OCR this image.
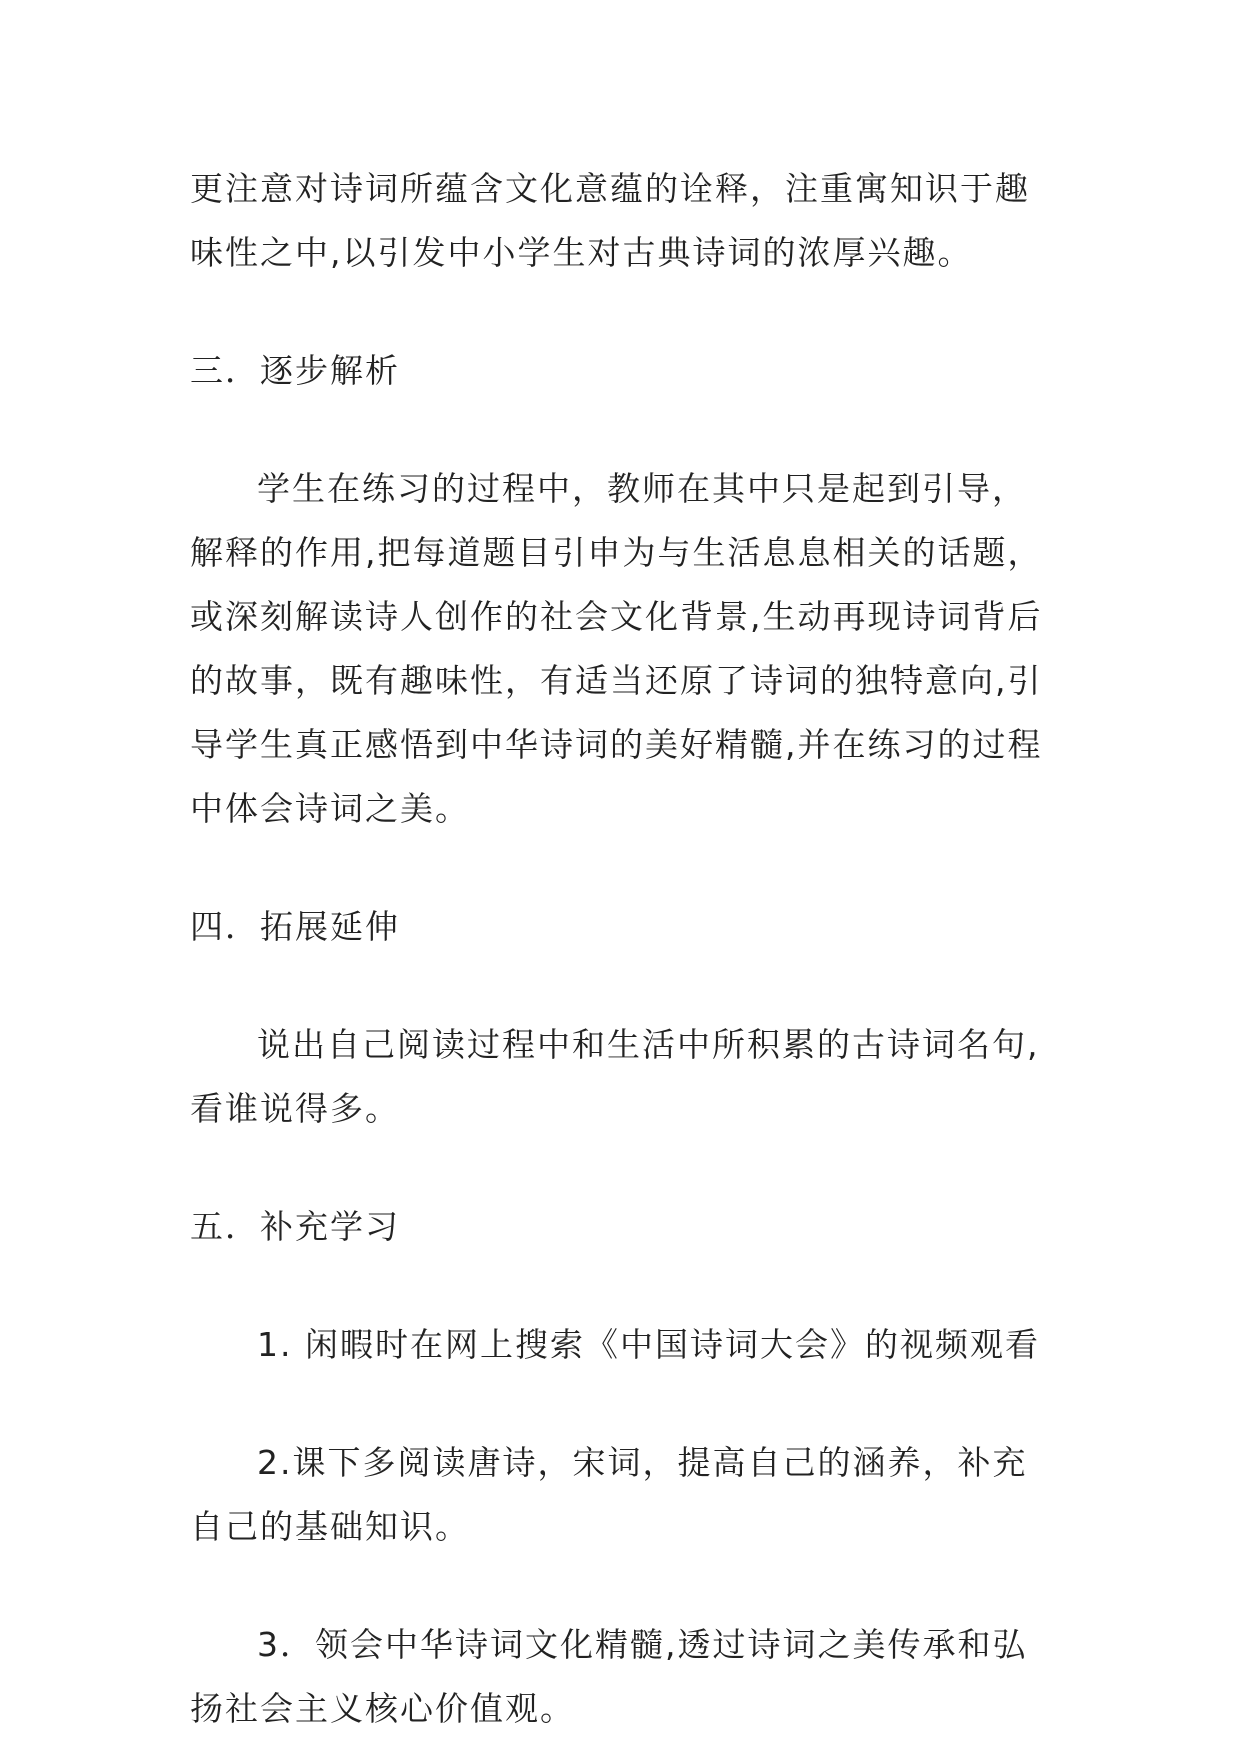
更注意对诗词所蕴含文化意蕴的诠释，注重寓知识于趣味性之中,以引发中小学生对古典诗词的浓厚兴趣。

三．逐步解析

学生在练习的过程中，教师在其中只是起到引导，解释的作用,把每道题目引申为与生活息息相关的话题，或深刻解读诗人创作的社会文化背景,生动再现诗词背后的故事，既有趣味性，有适当还原了诗词的独特意向,引导学生真正感悟到中华诗词的美好精髓,并在练习的过程中体会诗词之美。

四．拓展延伸

说出自己阅读过程中和生活中所积累的古诗词名句,看谁说得多。

五．补充学习

1. 闲暇时在网上搜索《中国诗词大会》的视频观看

2.课下多阅读唐诗，宋词，提高自己的涵养，补充自己的基础知识。

3．领会中华诗词文化精髓,透过诗词之美传承和弘扬社会主义核心价值观。
